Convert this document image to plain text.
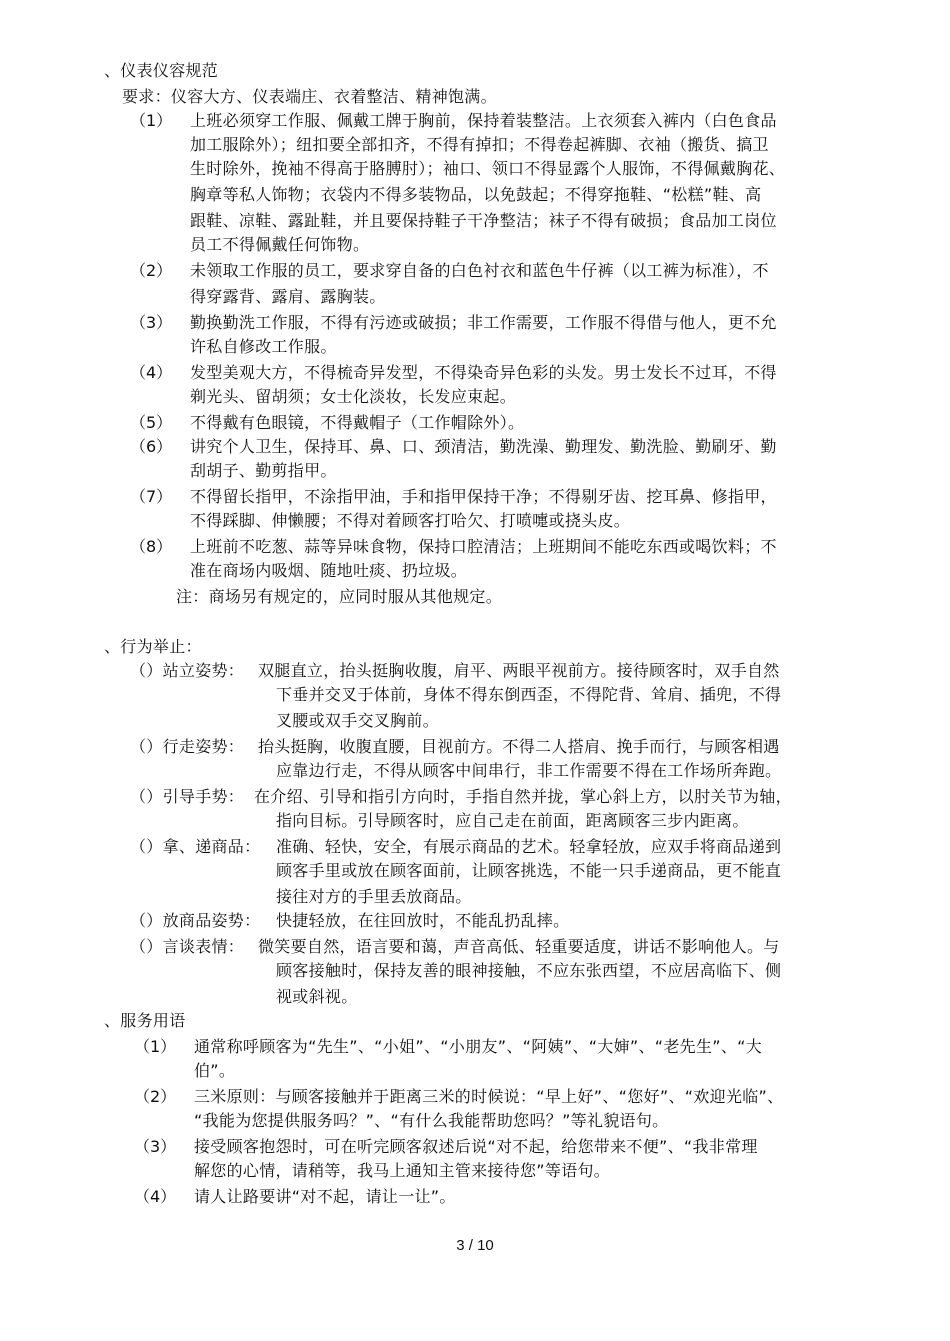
、仪表仪容规范
要求：仪容大方、仪表端庄、衣着整洁、精神饱满。
（1） 上班必须穿工作服、佩戴工牌于胸前，保持着装整洁。上衣须套入裤内（白色食品
加工服除外）；纽扣要全部扣齐，不得有掉扣；不得卷起裤脚、衣袖（搬货、搞卫
生时除外，挽袖不得高于胳膊肘）；袖口、领口不得显露个人服饰，不得佩戴胸花、
胸章等私人饰物；衣袋内不得多装物品，以免鼓起；不得穿拖鞋、“松糕”鞋、高
跟鞋、凉鞋、露趾鞋，并且要保持鞋子干净整洁；袜子不得有破损；食品加工岗位
员工不得佩戴任何饰物。
（2） 未领取工作服的员工，要求穿自备的白色衬衣和蓝色牛仔裤（以工裤为标准），不
得穿露背、露肩、露胸装。
（3） 勤换勤洗工作服，不得有污迹或破损；非工作需要，工作服不得借与他人，更不允
许私自修改工作服。
（4） 发型美观大方，不得梳奇异发型，不得染奇异色彩的头发。男士发长不过耳，不得
剃光头、留胡须；女士化淡妆，长发应束起。
（5） 不得戴有色眼镜，不得戴帽子（工作帽除外）。
（6） 讲究个人卫生，保持耳、鼻、口、颈清洁，勤洗澡、勤理发、勤洗脸、勤刷牙、勤
刮胡子、勤剪指甲。
（7） 不得留长指甲，不涂指甲油，手和指甲保持干净；不得剔牙齿、挖耳鼻、修指甲，
不得踩脚、伸懒腰；不得对着顾客打哈欠、打喷嚏或挠头皮。
（8） 上班前不吃葱、蒜等异味食物，保持口腔清洁；上班期间不能吃东西或喝饮料；不
准在商场内吸烟、随地吐痰、扔垃圾。
注：商场另有规定的，应同时服从其他规定。
、行为举止：
（）站立姿势： 双腿直立，抬头挺胸收腹，肩平、两眼平视前方。接待顾客时，双手自然
下垂并交叉于体前，身体不得东倒西歪，不得陀背、耸肩、插兜，不得
叉腰或双手交叉胸前。
（）行走姿势： 抬头挺胸，收腹直腰，目视前方。不得二人搭肩、挽手而行，与顾客相遇
应靠边行走，不得从顾客中间串行，非工作需要不得在工作场所奔跑。
（）引导手势： 在介绍、引导和指引方向时，手指自然并拢，掌心斜上方，以肘关节为轴，
指向目标。引导顾客时，应自己走在前面，距离顾客三步内距离。
（）拿、递商品： 准确、轻快，安全，有展示商品的艺术。轻拿轻放，应双手将商品递到
顾客手里或放在顾客面前，让顾客挑选，不能一只手递商品，更不能直
接往对方的手里丢放商品。
（）放商品姿势： 快捷轻放，在往回放时，不能乱扔乱摔。
（）言谈表情： 微笑要自然，语言要和蔼，声音高低、轻重要适度，讲话不影响他人。与
顾客接触时，保持友善的眼神接触，不应东张西望，不应居高临下、侧
视或斜视。
、服务用语
（1） 通常称呼顾客为“先生”、“小姐”、“小朋友”、“阿姨”、“大婶”、“老先生”、“大
伯”。
（2） 三米原则：与顾客接触并于距离三米的时候说：“早上好”、“您好”、“欢迎光临”、
“我能为您提供服务吗？”、“有什么我能帮助您吗？”等礼貌语句。
（3） 接受顾客抱怨时，可在听完顾客叙述后说“对不起，给您带来不便”、“我非常理
解您的心情，请稍等，我马上通知主管来接待您”等语句。
（4） 请人让路要讲“对不起，请让一让”。
3 / 10
